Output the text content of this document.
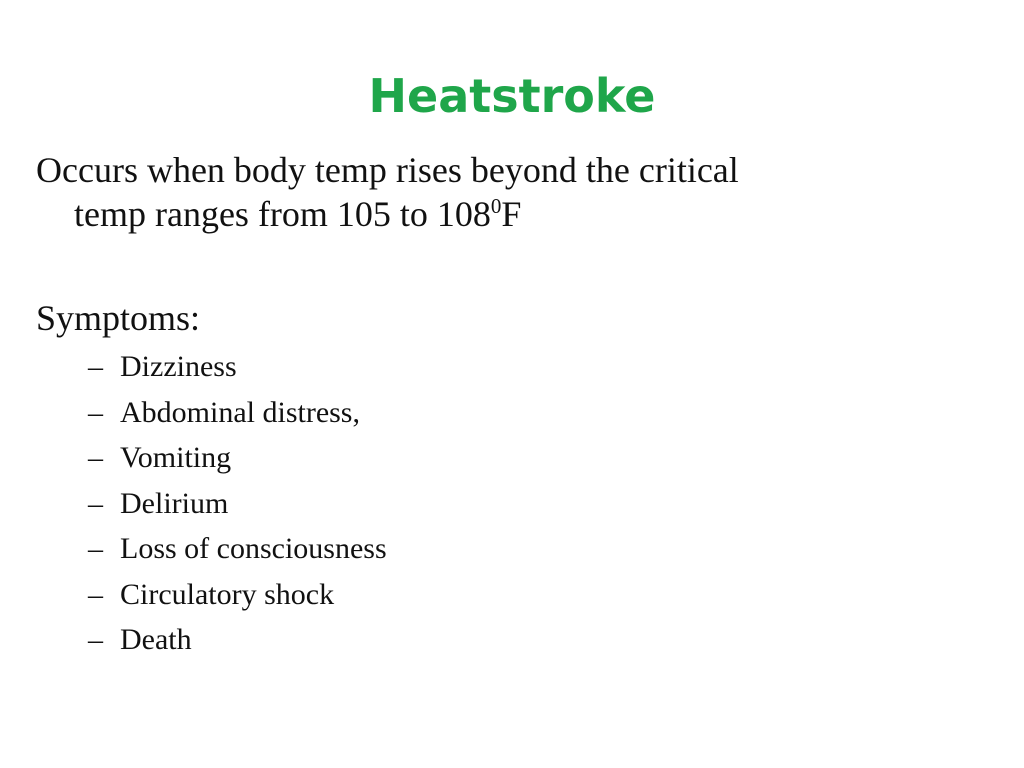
Heatstroke
Occurs when body temp rises beyond the critical
temp ranges from 105 to $108^0F$
Symptoms:
– Dizziness
– Abdominal distress,
– Vomiting
– Delirium
– Loss of consciousness
– Circulatory shock
– Death
